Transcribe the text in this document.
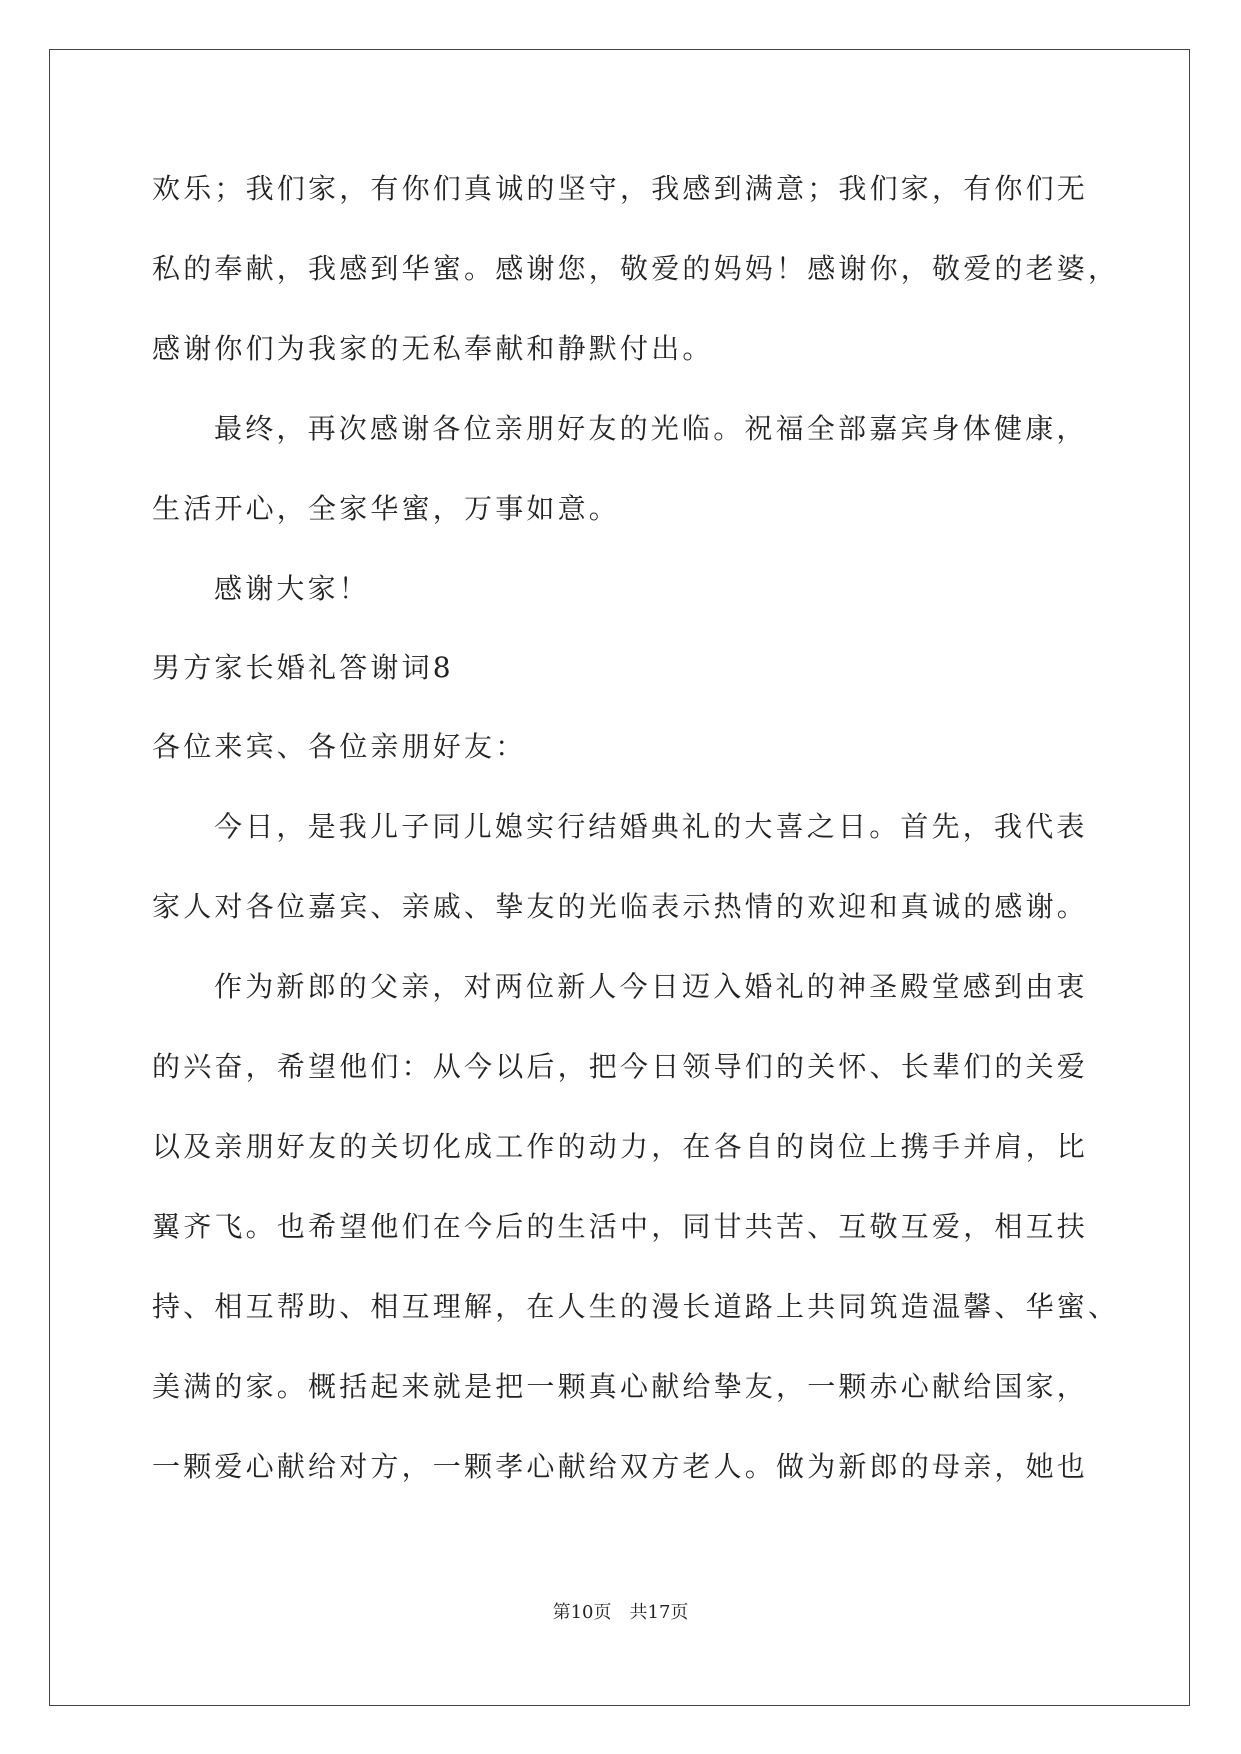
欢乐；我们家，有你们真诚的坚守，我感到满意；我们家，有你们无
私的奉献，我感到华蜜。感谢您，敬爱的妈妈！感谢你，敬爱的老婆，
感谢你们为我家的无私奉献和静默付出。
最终，再次感谢各位亲朋好友的光临。祝福全部嘉宾身体健康，
生活开心，全家华蜜，万事如意。
感谢大家！
男方家长婚礼答谢词8
各位来宾、各位亲朋好友：
今日，是我儿子同儿媳实行结婚典礼的大喜之日。首先，我代表
家人对各位嘉宾、亲戚、挚友的光临表示热情的欢迎和真诚的感谢。
作为新郎的父亲，对两位新人今日迈入婚礼的神圣殿堂感到由衷
的兴奋，希望他们：从今以后，把今日领导们的关怀、长辈们的关爱
以及亲朋好友的关切化成工作的动力，在各自的岗位上携手并肩，比
翼齐飞。也希望他们在今后的生活中，同甘共苦、互敬互爱，相互扶
持、相互帮助、相互理解，在人生的漫长道路上共同筑造温馨、华蜜、
美满的家。概括起来就是把一颗真心献给挚友，一颗赤心献给国家，
一颗爱心献给对方，一颗孝心献给双方老人。做为新郎的母亲，她也
第10页 共17页
